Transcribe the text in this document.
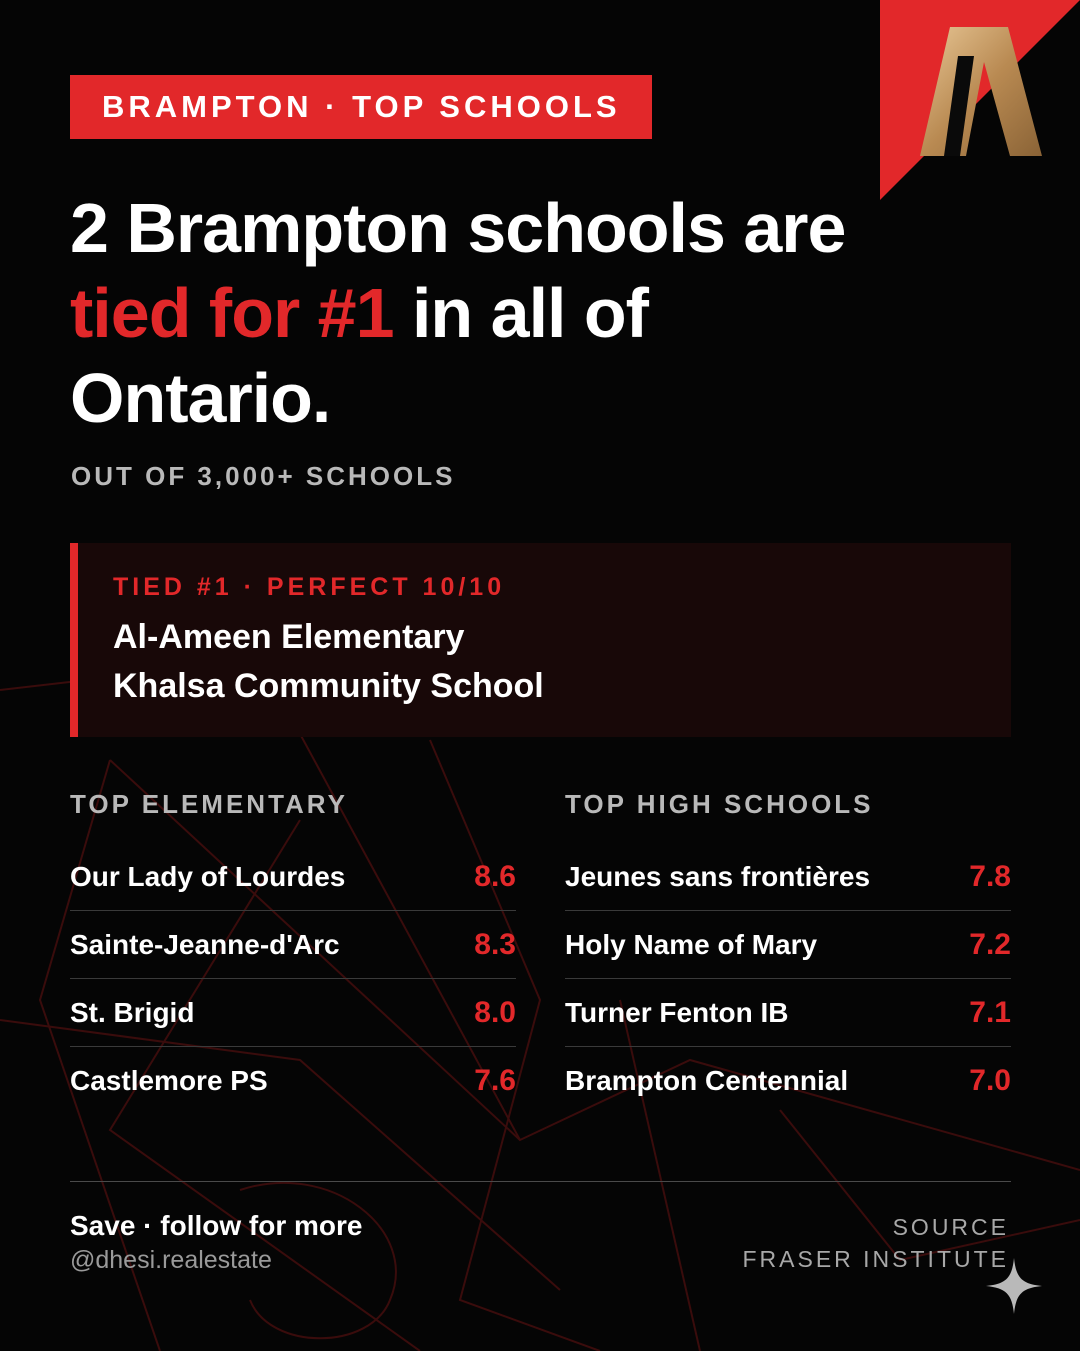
BRAMPTON · TOP SCHOOLS
2 Brampton schools are
tied for #1 in all of
Ontario.
OUT OF 3,000+ SCHOOLS
TIED #1 · PERFECT 10/10
Al-Ameen Elementary
Khalsa Community School
TOP ELEMENTARY
Our Lady of Lourdes	8.6
Sainte-Jeanne-d'Arc	8.3
St. Brigid	8.0
Castlemore PS	7.6
TOP HIGH SCHOOLS
Jeunes sans frontières	7.8
Holy Name of Mary	7.2
Turner Fenton IB	7.1
Brampton Centennial	7.0
Save · follow for more
@dhesi.realestate
SOURCE
FRASER INSTITUTE
